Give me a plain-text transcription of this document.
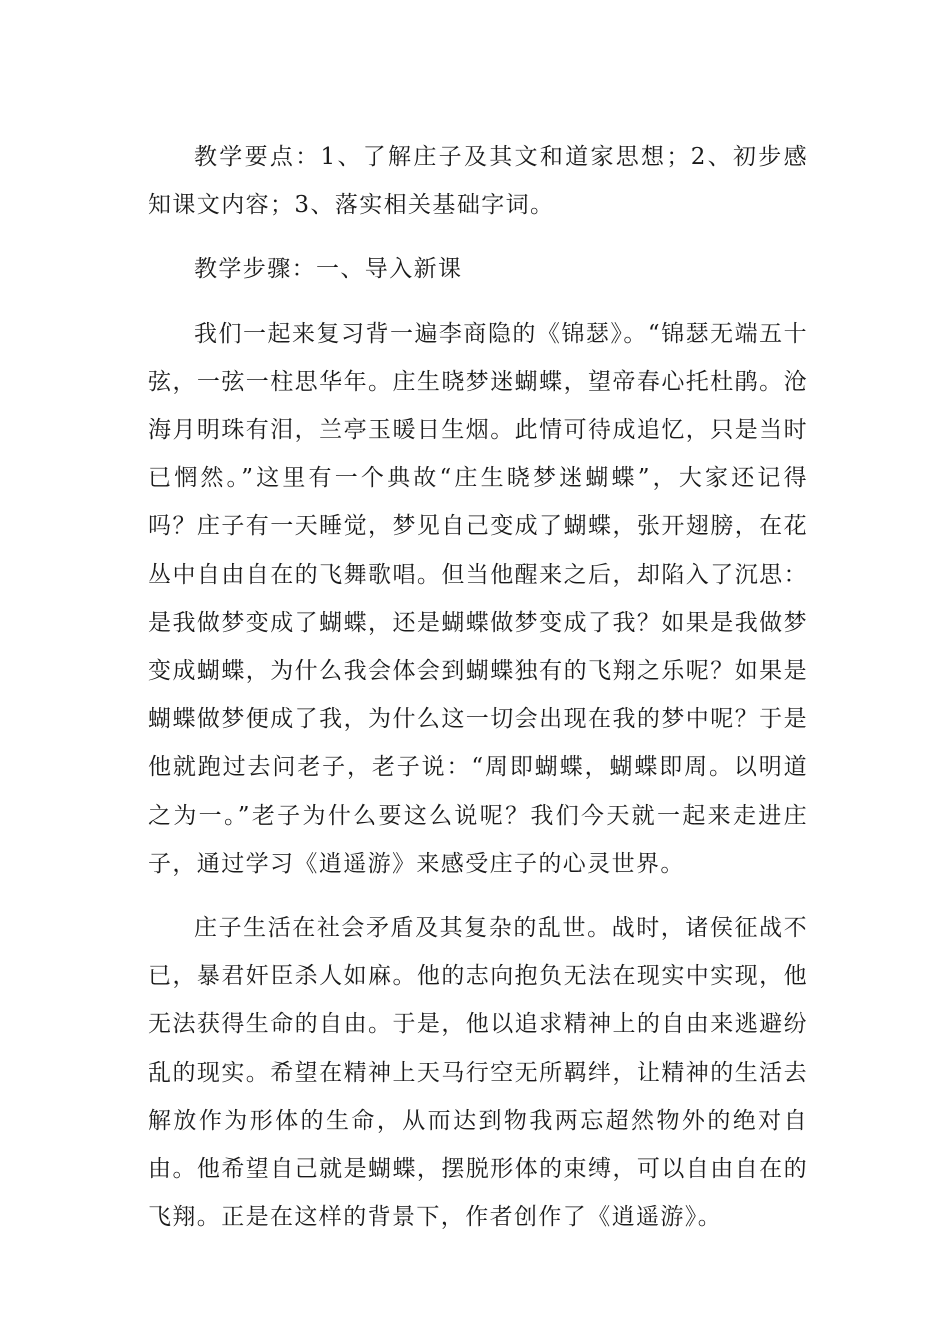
教学要点：1、了解庄子及其文和道家思想；2、初步感知课文内容；3、落实相关基础字词。

教学步骤：一、导入新课

我们一起来复习背一遍李商隐的《锦瑟》。“锦瑟无端五十弦，一弦一柱思华年。庄生晓梦迷蝴蝶，望帝春心托杜鹃。沧海月明珠有泪，兰亭玉暖日生烟。此情可待成追忆，只是当时已惘然。”这里有一个典故“庄生晓梦迷蝴蝶”，大家还记得吗？庄子有一天睡觉，梦见自己变成了蝴蝶，张开翅膀，在花丛中自由自在的飞舞歌唱。但当他醒来之后，却陷入了沉思：是我做梦变成了蝴蝶，还是蝴蝶做梦变成了我？如果是我做梦变成蝴蝶，为什么我会体会到蝴蝶独有的飞翔之乐呢？如果是蝴蝶做梦便成了我，为什么这一切会出现在我的梦中呢？于是他就跑过去问老子，老子说：“周即蝴蝶，蝴蝶即周。以明道之为一。”老子为什么要这么说呢？我们今天就一起来走进庄子，通过学习《逍遥游》来感受庄子的心灵世界。

庄子生活在社会矛盾及其复杂的乱世。战时，诸侯征战不已，暴君奸臣杀人如麻。他的志向抱负无法在现实中实现，他无法获得生命的自由。于是，他以追求精神上的自由来逃避纷乱的现实。希望在精神上天马行空无所羁绊，让精神的生活去解放作为形体的生命，从而达到物我两忘超然物外的绝对自由。他希望自己就是蝴蝶，摆脱形体的束缚，可以自由自在的飞翔。正是在这样的背景下，作者创作了《逍遥游》。
